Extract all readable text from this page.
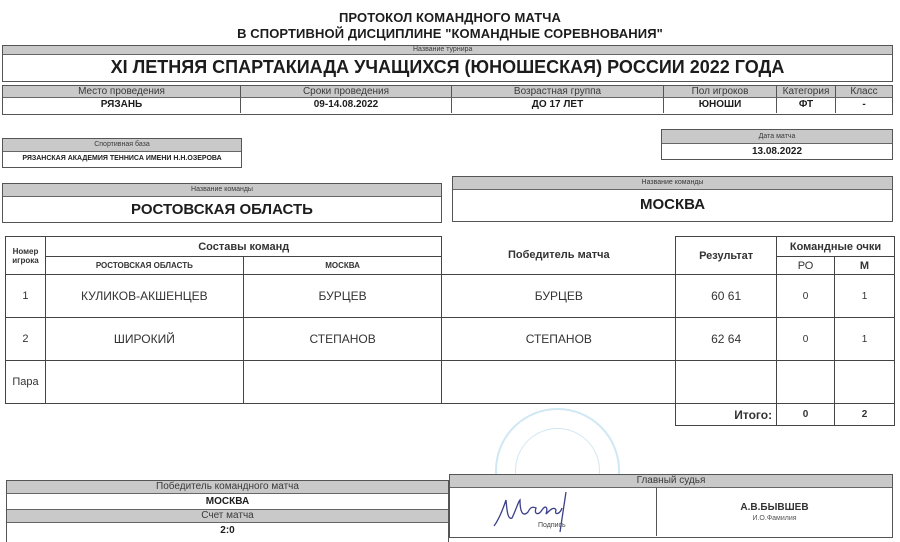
ПРОТОКОЛ КОМАНДНОГО МАТЧА
В СПОРТИВНОЙ ДИСЦИПЛИНЕ "КОМАНДНЫЕ СОРЕВНОВАНИЯ"
Название турнира
XI ЛЕТНЯЯ СПАРТАКИАДА УЧАЩИХСЯ (ЮНОШЕСКАЯ) РОССИИ 2022 ГОДА
Место проведения	Сроки проведения	Возрастная группа	Пол игроков	Категория	Класс
РЯЗАНЬ	09-14.08.2022	ДО 17 ЛЕТ	ЮНОШИ	ФТ	-
Спортивная база
РЯЗАНСКАЯ АКАДЕМИЯ ТЕННИСА ИМЕНИ Н.Н.ОЗЕРОВА
Дата матча
13.08.2022
Название команды
РОСТОВСКАЯ ОБЛАСТЬ
Название команды
МОСКВА
Номер
игрока	Составы команд		Победитель матча	Результат	Командные очки	
	РОСТОВСКАЯ ОБЛАСТЬ	МОСКВА			РО	М
1	КУЛИКОВ-АКШЕНЦЕВ	БУРЦЕВ	БУРЦЕВ	60 61	0	1
2	ШИРОКИЙ	СТЕПАНОВ	СТЕПАНОВ	62 64	0	1
Пара						
				Итого:	0	2
Победитель командного матча
МОСКВА
Счет матча
2:0
Главный судья
Подпись
А.В.БЫВШЕВ
И.О.Фамилия
